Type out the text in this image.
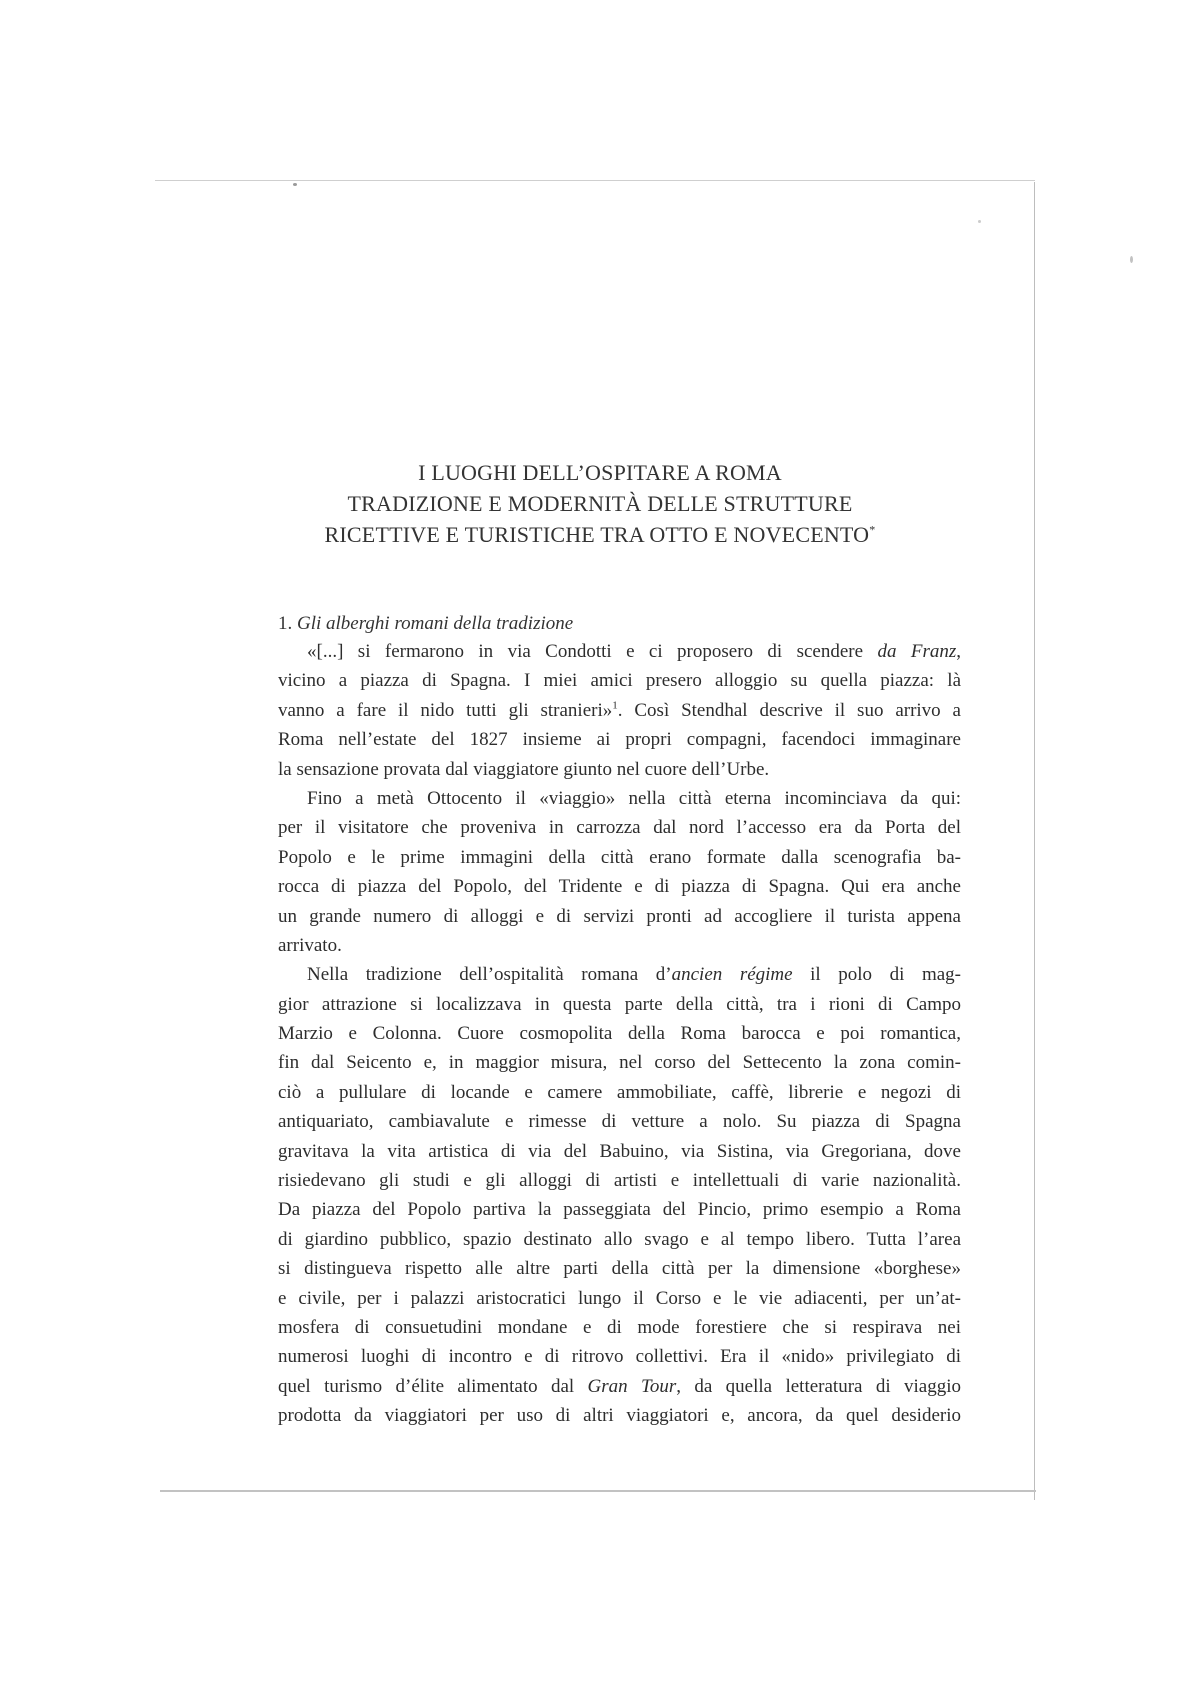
I LUOGHI DELL’OSPITARE A ROMA
TRADIZIONE E MODERNITÀ DELLE STRUTTURE
RICETTIVE E TURISTICHE TRA OTTO E NOVECENTO*
1. Gli alberghi romani della tradizione
«[...] si fermarono in via Condotti e ci proposero di scendere da Franz,
vicino a piazza di Spagna. I miei amici presero alloggio su quella piazza: là
vanno a fare il nido tutti gli stranieri»$^1$. Così Stendhal descrive il suo arrivo a
Roma nell’estate del 1827 insieme ai propri compagni, facendoci immaginare
la sensazione provata dal viaggiatore giunto nel cuore dell’Urbe.
Fino a metà Ottocento il «viaggio» nella città eterna incominciava da qui:
per il visitatore che proveniva in carrozza dal nord l’accesso era da Porta del
Popolo e le prime immagini della città erano formate dalla scenografia ba-
rocca di piazza del Popolo, del Tridente e di piazza di Spagna. Qui era anche
un grande numero di alloggi e di servizi pronti ad accogliere il turista appena
arrivato.
Nella tradizione dell’ospitalità romana d’ancien régime il polo di mag-
gior attrazione si localizzava in questa parte della città, tra i rioni di Campo
Marzio e Colonna. Cuore cosmopolita della Roma barocca e poi romantica,
fin dal Seicento e, in maggior misura, nel corso del Settecento la zona comin-
ciò a pullulare di locande e camere ammobiliate, caffè, librerie e negozi di
antiquariato, cambiavalute e rimesse di vetture a nolo. Su piazza di Spagna
gravitava la vita artistica di via del Babuino, via Sistina, via Gregoriana, dove
risiedevano gli studi e gli alloggi di artisti e intellettuali di varie nazionalità.
Da piazza del Popolo partiva la passeggiata del Pincio, primo esempio a Roma
di giardino pubblico, spazio destinato allo svago e al tempo libero. Tutta l’area
si distingueva rispetto alle altre parti della città per la dimensione «borghese»
e civile, per i palazzi aristocratici lungo il Corso e le vie adiacenti, per un’at-
mosfera di consuetudini mondane e di mode forestiere che si respirava nei
numerosi luoghi di incontro e di ritrovo collettivi. Era il «nido» privilegiato di
quel turismo d’élite alimentato dal Gran Tour, da quella letteratura di viaggio
prodotta da viaggiatori per uso di altri viaggiatori e, ancora, da quel desiderio
